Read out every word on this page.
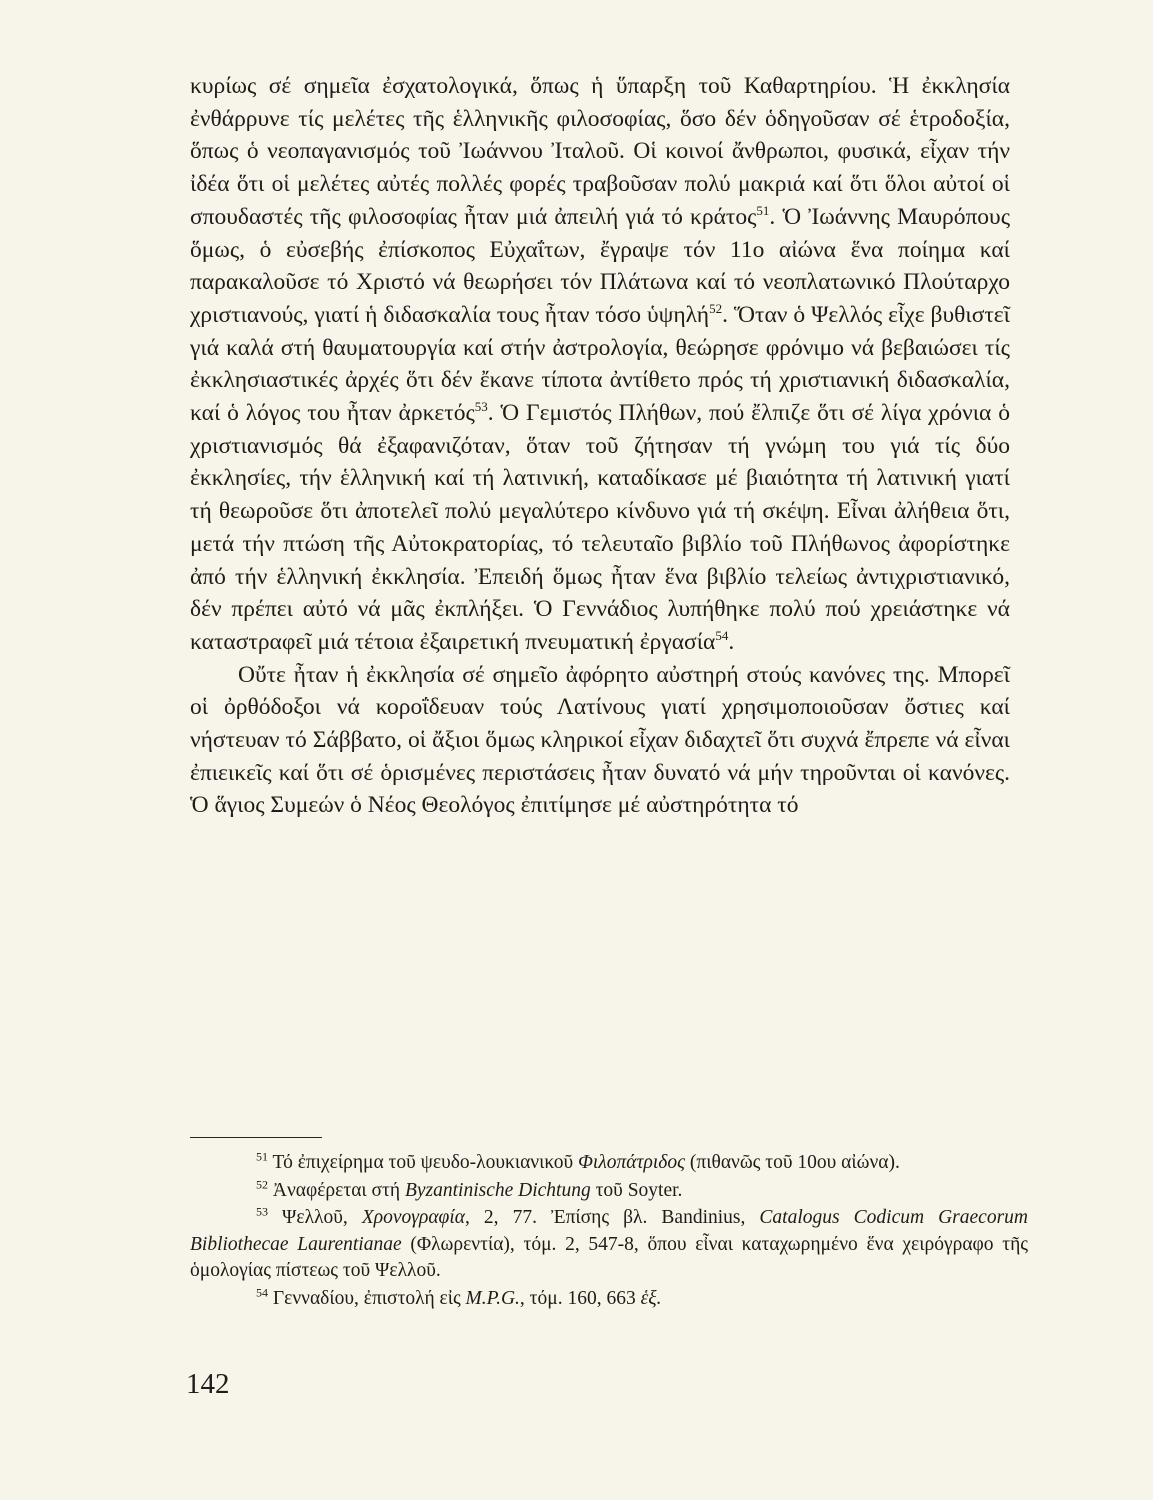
κυρίως σέ σημεῖα ἐσχατολογικά, ὅπως ἡ ὕπαρξη τοῦ Καθαρτηρίου. Ἡ ἐκκλησία ἐνθάρρυνε τίς μελέτες τῆς ἑλληνικῆς φιλοσοφίας, ὅσο δέν ὁδηγοῦσαν σέ ἑτροδοξία, ὅπως ὁ νεοπαγανισμός τοῦ Ἰωάννου Ἰταλοῦ. Οἱ κοινοί ἄνθρωποι, φυσικά, εἶχαν τήν ἰδέα ὅτι οἱ μελέτες αὐτές πολλές φορές τραβοῦσαν πολύ μακριά καί ὅτι ὅλοι αὐτοί οἱ σπουδαστές τῆς φιλοσοφίας ἦταν μιά ἀπειλή γιά τό κράτος$^{51}$. Ὁ Ἰωάννης Μαυρόπους ὅμως, ὁ εὐσεβής ἐπίσκοπος Εὐχαΐτων, ἔγραψε τόν 11ο αἰώνα ἕνα ποίημα καί παρακαλοῦσε τό Χριστό νά θεωρήσει τόν Πλάτωνα καί τό νεοπλατωνικό Πλούταρχο χριστιανούς, γιατί ἡ διδασκαλία τους ἦταν τόσο ὑψηλή$^{52}$. Ὅταν ὁ Ψελλός εἶχε βυθιστεῖ γιά καλά στή θαυματουργία καί στήν ἀστρολογία, θεώρησε φρόνιμο νά βεβαιώσει τίς ἐκκλησιαστικές ἀρχές ὅτι δέν ἔκανε τίποτα ἀντίθετο πρός τή χριστιανική διδασκαλία, καί ὁ λόγος του ἦταν ἀρκετός$^{53}$. Ὁ Γεμιστός Πλήθων, πού ἔλπιζε ὅτι σέ λίγα χρόνια ὁ χριστιανισμός θά ἐξαφανιζόταν, ὅταν τοῦ ζήτησαν τή γνώμη του γιά τίς δύο ἐκκλησίες, τήν ἑλληνική καί τή λατινική, καταδίκασε μέ βιαιότητα τή λατινική γιατί τή θεωροῦσε ὅτι ἀποτελεῖ πολύ μεγαλύτερο κίνδυνο γιά τή σκέψη. Εἶναι ἀλήθεια ὅτι, μετά τήν πτώση τῆς Αὐτοκρατορίας, τό τελευταῖο βιβλίο τοῦ Πλήθωνος ἀφορίστηκε ἀπό τήν ἑλληνική ἐκκλησία. Ἐπειδή ὅμως ἦταν ἕνα βιβλίο τελείως ἀντιχριστιανικό, δέν πρέπει αὐτό νά μᾶς ἐκπλήξει. Ὁ Γεννάδιος λυπήθηκε πολύ πού χρειάστηκε νά καταστραφεῖ μιά τέτοια ἐξαιρετική πνευματική ἐργασία$^{54}$.

Οὔτε ἦταν ἡ ἐκκλησία σέ σημεῖο ἀφόρητο αὐστηρή στούς κανόνες της. Μπορεῖ οἱ ὀρθόδοξοι νά κοροΐδευαν τούς Λατίνους γιατί χρησιμοποιοῦσαν ὄστιες καί νήστευαν τό Σάββατο, οἱ ἄξιοι ὅμως κληρικοί εἶχαν διδαχτεῖ ὅτι συχνά ἔπρεπε νά εἶναι ἐπιεικεῖς καί ὅτι σέ ὁρισμένες περιστάσεις ἦταν δυνατό νά μήν τηροῦνται οἱ κανόνες. Ὁ ἅγιος Συμεών ὁ Νέος Θεολόγος ἐπιτίμησε μέ αὐστηρότητα τό

$^{51}$ Τό ἐπιχείρημα τοῦ ψευδο-λουκιανικοῦ Φιλοπάτριδος (πιθανῶς τοῦ 10ου αἰώνα).

$^{52}$ Ἀναφέρεται στή Byzantinische Dichtung τοῦ Soyter.

$^{53}$ Ψελλοῦ, Χρονογραφία, 2, 77. Ἐπίσης βλ. Bandinius, Catalogus Codicum Graecorum Bibliothecae Laurentianae (Φλωρεντία), τόμ. 2, 547-8, ὅπου εἶναι καταχωρημένο ἕνα χειρόγραφο τῆς ὁμολογίας πίστεως τοῦ Ψελλοῦ.

$^{54}$ Γενναδίου, ἐπιστολή εἰς M.P.G., τόμ. 160, 663 ἑξ.

142
